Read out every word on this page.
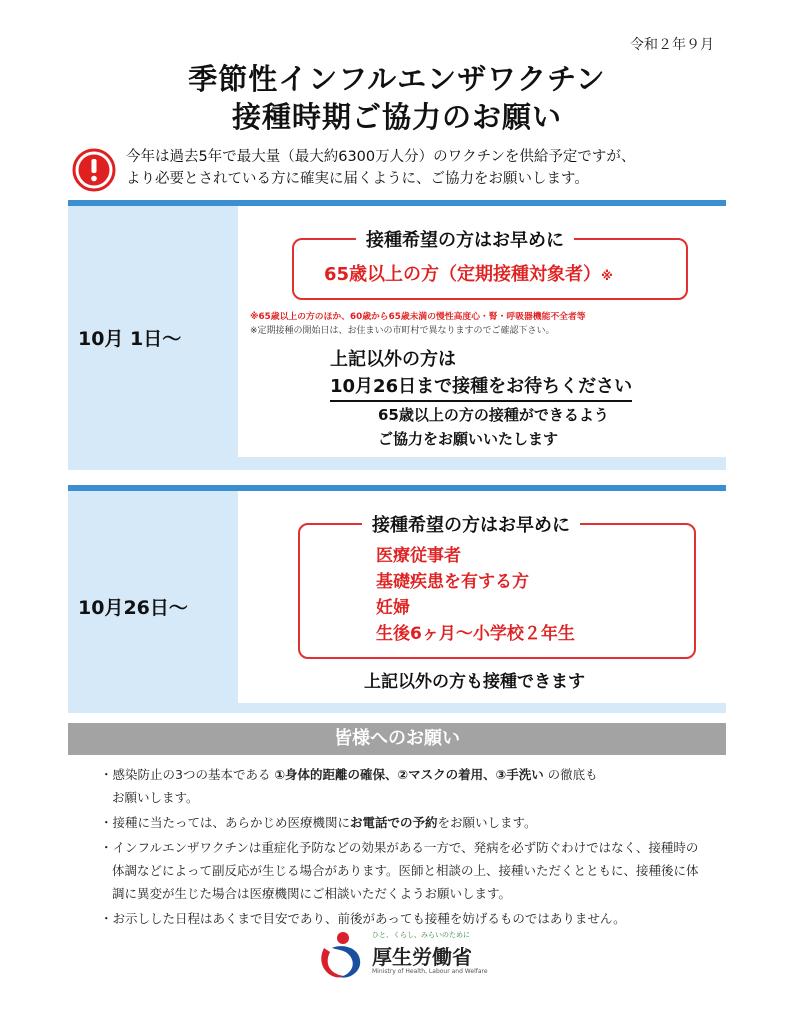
令和２年９月
季節性インフルエンザワクチン
接種時期ご協力のお願い
今年は過去5年で最大量（最大約6300万人分）のワクチンを供給予定ですが、
より必要とされている方に確実に届くように、ご協力をお願いします。
10月 1日〜
接種希望の方はお早めに
65歳以上の方（定期接種対象者）※
※65歳以上の方のほか、60歳から65歳未満の慢性高度心・腎・呼吸器機能不全者等
※定期接種の開始日は、お住まいの市町村で異なりますのでご確認下さい。
上記以外の方は
10月26日まで接種をお待ちください
65歳以上の方の接種ができるよう
ご協力をお願いいたします
10月26日〜
接種希望の方はお早めに
医療従事者
基礎疾患を有する方
妊婦
生後6ヶ月〜小学校２年生
上記以外の方も接種できます
皆様へのお願い
・感染防止の3つの基本である ①身体的距離の確保、②マスクの着用、③手洗い の徹底も
お願いします。
・接種に当たっては、あらかじめ医療機関にお電話での予約をお願いします。
・インフルエンザワクチンは重症化予防などの効果がある一方で、発病を必ず防ぐわけではなく、接種時の
体調などによって副反応が生じる場合があります。医師と相談の上、接種いただくとともに、接種後に体
調に異変が生じた場合は医療機関にご相談いただくようお願いします。
・お示しした日程はあくまで目安であり、前後があっても接種を妨げるものではありません。
ひと、くらし、みらいのために
厚生労働省
Ministry of Health, Labour and Welfare
